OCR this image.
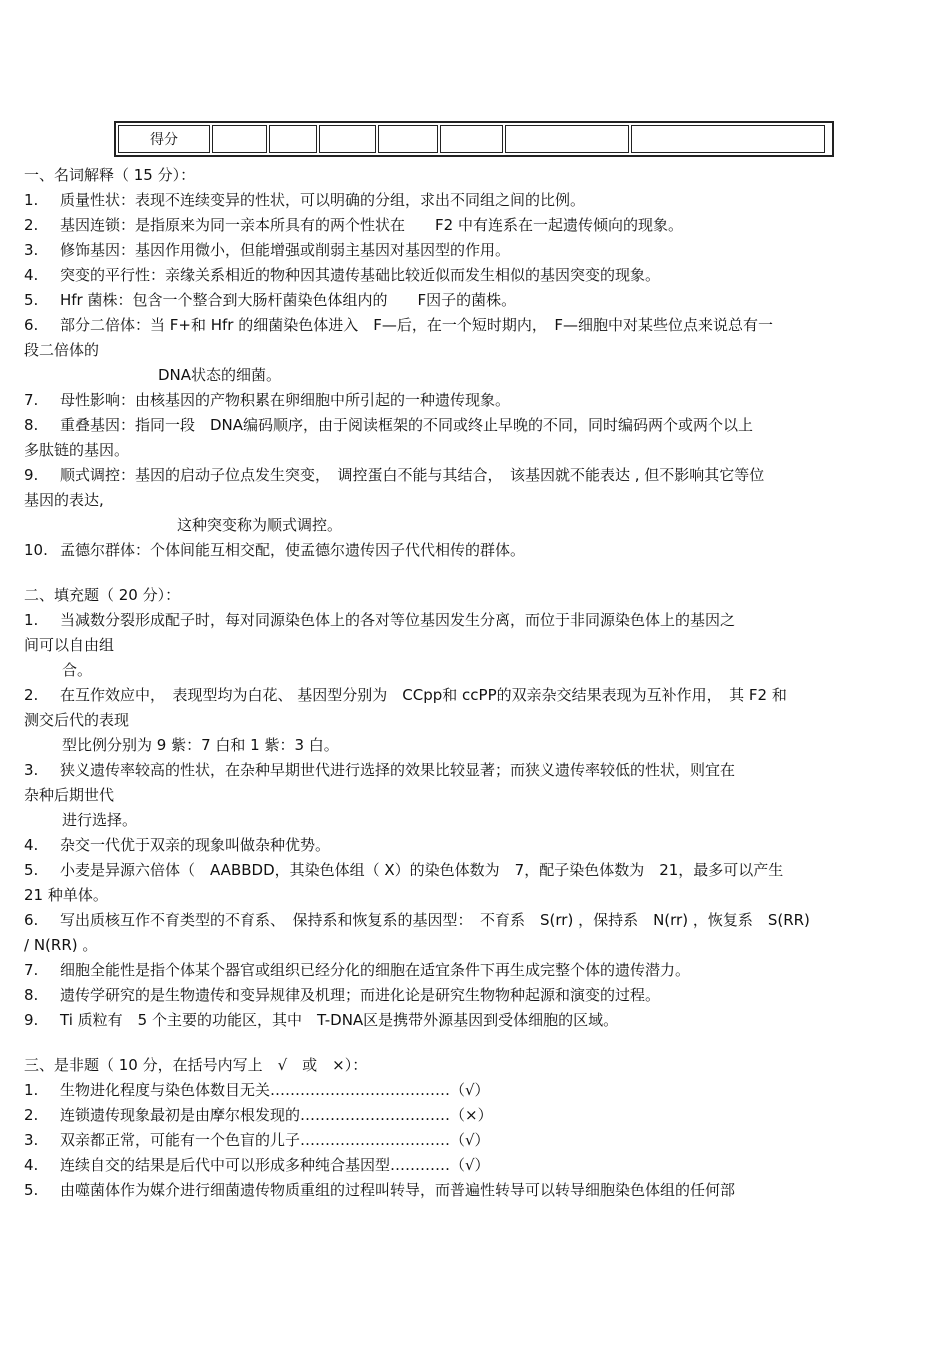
得分
一、名词解释（ 15 分）：
1. 质量性状：表现不连续变异的性状，可以明确的分组，求出不同组之间的比例。
2. 基因连锁：是指原来为同一亲本所具有的两个性状在　　F2 中有连系在一起遗传倾向的现象。
3. 修饰基因：基因作用微小，但能增强或削弱主基因对基因型的作用。
4. 突变的平行性：亲缘关系相近的物种因其遗传基础比较近似而发生相似的基因突变的现象。
5. Hfr 菌株：包含一个整合到大肠杆菌染色体组内的　　F因子的菌株。
6. 部分二倍体：当 F+和 Hfr 的细菌染色体进入　F—后，在一个短时期内，　F—细胞中对某些位点来说总有一
段二倍体的
DNA状态的细菌。
7. 母性影响：由核基因的产物积累在卵细胞中所引起的一种遗传现象。
8. 重叠基因：指同一段　DNA编码顺序，由于阅读框架的不同或终止早晚的不同，同时编码两个或两个以上
多肽链的基因。
9. 顺式调控：基因的启动子位点发生突变，　调控蛋白不能与其结合，　该基因就不能表达 , 但不影响其它等位
基因的表达,
这种突变称为顺式调控。
10. 孟德尔群体：个体间能互相交配，使孟德尔遗传因子代代相传的群体。
二、填充题（ 20 分）：
1. 当减数分裂形成配子时，每对同源染色体上的各对等位基因发生分离，而位于非同源染色体上的基因之
间可以自由组
合。
2. 在互作效应中，　表现型均为白花、 基因型分别为　CCpp和 ccPP的双亲杂交结果表现为互补作用，　其 F2 和
测交后代的表现
型比例分别为 9 紫：7 白和 1 紫：3 白。
3. 狭义遗传率较高的性状，在杂种早期世代进行选择的效果比较显著；而狭义遗传率较低的性状，则宜在
杂种后期世代
进行选择。
4. 杂交一代优于双亲的现象叫做杂种优势。
5. 小麦是异源六倍体（　AABBDD，其染色体组（ X）的染色体数为　7，配子染色体数为　21，最多可以产生
21 种单体。
6. 写出质核互作不育类型的不育系、　保持系和恢复系的基因型：　不育系　S(rr) ，保持系　N(rr) ，恢复系　S(RR)
/ N(RR) 。
7. 细胞全能性是指个体某个器官或组织已经分化的细胞在适宜条件下再生成完整个体的遗传潜力。
8. 遗传学研究的是生物遗传和变异规律及机理；而进化论是研究生物物种起源和演变的过程。
9. Ti 质粒有　5 个主要的功能区，其中　T-DNA区是携带外源基因到受体细胞的区域。
三、是非题（ 10 分，在括号内写上　√　或　×）：
1. 生物进化程度与染色体数目无关………………………………（√）
2. 连锁遗传现象最初是由摩尔根发现的…………………………（×）
3. 双亲都正常，可能有一个色盲的儿子…………………………（√）
4. 连续自交的结果是后代中可以形成多种纯合基因型…………（√）
5. 由噬菌体作为媒介进行细菌遗传物质重组的过程叫转导，而普遍性转导可以转导细胞染色体组的任何部
